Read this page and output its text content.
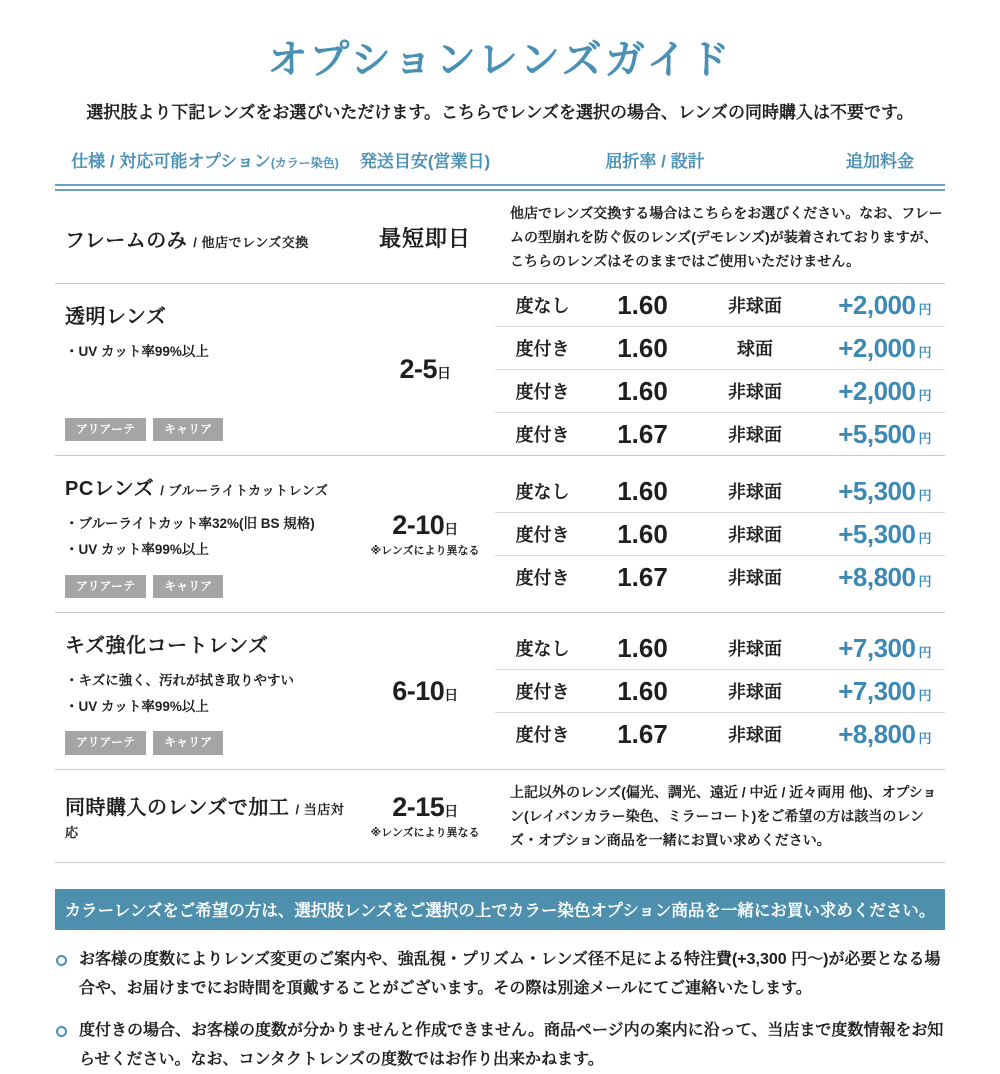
オプションレンズガイド

選択肢より下記レンズをお選びいただけます。こちらでレンズを選択の場合、レンズの同時購入は不要です。

仕様 / 対応可能オプション(カラー染色)	発送目安(営業日)	屈折率 / 設計	追加料金
フレームのみ / 他店でレンズ交換	最短即日

他店でレンズ交換する場合はこちらをお選びください。なお、フレームの型崩れを防ぐ仮のレンズ(デモレンズ)が装着されておりますが、こちらのレンズはそのままではご使用いただけません。

透明レンズ
・UV カット率99%以上
アリアーテ	キャリア
2-5日
度なし	1.60	非球面	+2,000 円
度付き	1.60	球面	+2,000 円
度付き	1.60	非球面	+2,000 円
度付き	1.67	非球面	+5,500 円
PCレンズ / ブルーライトカットレンズ
・ブルーライトカット率32%(旧 BS 規格)
・UV カット率99%以上
アリアーテ	キャリア
2-10日
※レンズにより異なる
度なし	1.60	非球面	+5,300 円
度付き	1.60	非球面	+5,300 円
度付き	1.67	非球面	+8,800 円
キズ強化コートレンズ
・キズに強く、汚れが拭き取りやすい
・UV カット率99%以上
アリアーテ	キャリア
6-10日
度なし	1.60	非球面	+7,300 円
度付き	1.60	非球面	+7,300 円
度付き	1.67	非球面	+8,800 円
同時購入のレンズで加工 / 当店対応
2-15日
※レンズにより異なる

上記以外のレンズ(偏光、調光、遠近 / 中近 / 近々両用 他)、オプション(レイバンカラー染色、ミラーコート)をご希望の方は該当のレンズ・オプション商品を一緒にお買い求めください。

カラーレンズをご希望の方は、選択肢レンズをご選択の上でカラー染色オプション商品を一緒にお買い求めください。
お客様の度数によりレンズ変更のご案内や、強乱視・プリズム・レンズ径不足による特注費(+3,300 円〜)が必要となる場合や、お届けまでにお時間を頂戴することがございます。その際は別途メールにてご連絡いたします。
度付きの場合、お客様の度数が分かりませんと作成できません。商品ページ内の案内に沿って、当店まで度数情報をお知らせください。なお、コンタクトレンズの度数ではお作り出来かねます。
